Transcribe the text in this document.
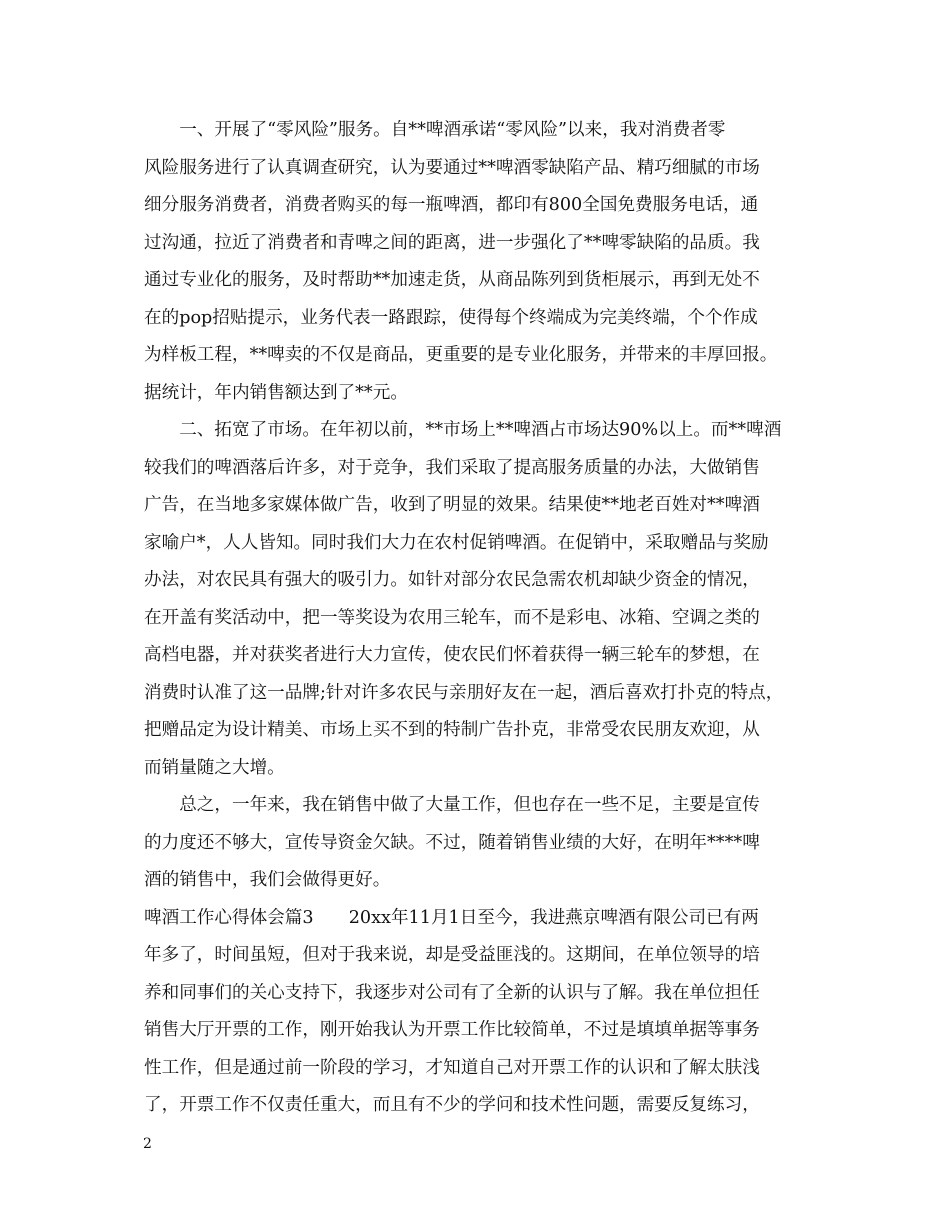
　　一、开展了“零风险”服务。自**啤酒承诺“零风险”以来，我对消费者零
风险服务进行了认真调查研究，认为要通过**啤酒零缺陷产品、精巧细腻的市场
细分服务消费者，消费者购买的每一瓶啤酒，都印有800全国免费服务电话，通
过沟通，拉近了消费者和青啤之间的距离，进一步强化了**啤零缺陷的品质。我
通过专业化的服务，及时帮助**加速走货，从商品陈列到货柜展示，再到无处不
在的pop招贴提示，业务代表一路跟踪，使得每个终端成为完美终端，个个作成
为样板工程，**啤卖的不仅是商品，更重要的是专业化服务，并带来的丰厚回报。
据统计，年内销售额达到了**元。
　　二、拓宽了市场。在年初以前，**市场上**啤酒占市场达90%以上。而**啤酒
较我们的啤酒落后许多，对于竞争，我们采取了提高服务质量的办法，大做销售
广告，在当地多家媒体做广告，收到了明显的效果。结果使**地老百姓对**啤酒
家喻户*，人人皆知。同时我们大力在农村促销啤酒。在促销中，采取赠品与奖励
办法，对农民具有强大的吸引力。如针对部分农民急需农机却缺少资金的情况，
在开盖有奖活动中，把一等奖设为农用三轮车，而不是彩电、冰箱、空调之类的
高档电器，并对获奖者进行大力宣传，使农民们怀着获得一辆三轮车的梦想，在
消费时认准了这一品牌;针对许多农民与亲朋好友在一起，酒后喜欢打扑克的特点，
把赠品定为设计精美、市场上买不到的特制广告扑克，非常受农民朋友欢迎，从
而销量随之大增。
　　总之，一年来，我在销售中做了大量工作，但也存在一些不足，主要是宣传
的力度还不够大，宣传导资金欠缺。不过，随着销售业绩的大好，在明年****啤
酒的销售中，我们会做得更好。
啤酒工作心得体会篇3　　20xx年11月1日至今，我进燕京啤酒有限公司已有两
年多了，时间虽短，但对于我来说，却是受益匪浅的。这期间，在单位领导的培
养和同事们的关心支持下，我逐步对公司有了全新的认识与了解。我在单位担任
销售大厅开票的工作，刚开始我认为开票工作比较简单，不过是填填单据等事务
性工作，但是通过前一阶段的学习，才知道自己对开票工作的认识和了解太肤浅
了，开票工作不仅责任重大，而且有不少的学问和技术性问题，需要反复练习，
2
